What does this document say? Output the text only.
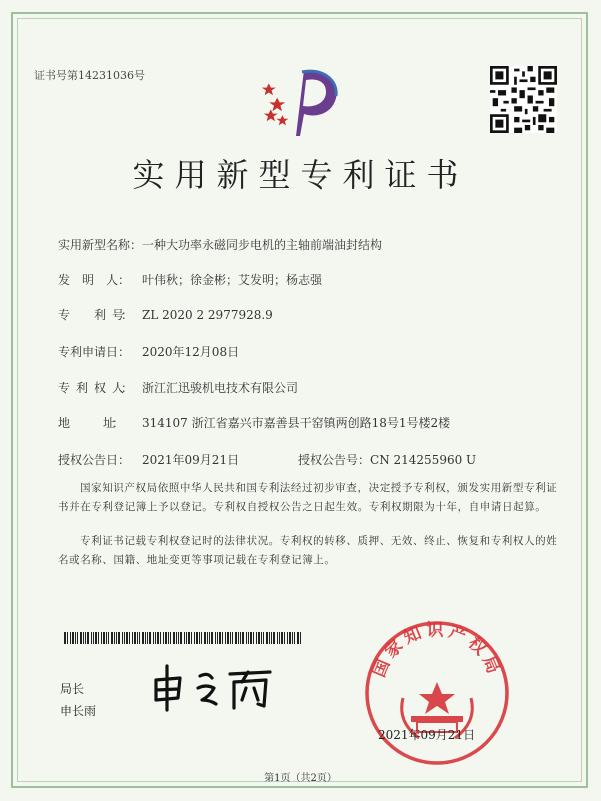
证书号第14231036号
实用新型专利证书
实用新型名称：一种大功率永磁同步电机的主轴前端油封结构
发　明　人： 叶伟秋；徐金彬；艾发明；杨志强
专　　　利　号： ZL 2020 2 2977928.9
专利申请日： 2020年12月08日
专　利　权　人： 浙江汇迅骏机电技术有限公司
地　　　　址： 314107 浙江省嘉兴市嘉善县干窑镇两创路18号1号楼2楼
授权公告日： 2021年09月21日	授权公告号：CN 214255960 U
国家知识产权局依照中华人民共和国专利法经过初步审查，决定授予专利权，颁发实用新型专利证书并在专利登记簿上予以登记。专利权自授权公告之日起生效。专利权期限为十年，自申请日起算。
专利证书记载专利权登记时的法律状况。专利权的转移、质押、无效、终止、恢复和专利权人的姓名或名称、国籍、地址变更等事项记载在专利登记簿上。
局长
申长雨
国家知识产权局
2021年09月21日
第1页（共2页）
